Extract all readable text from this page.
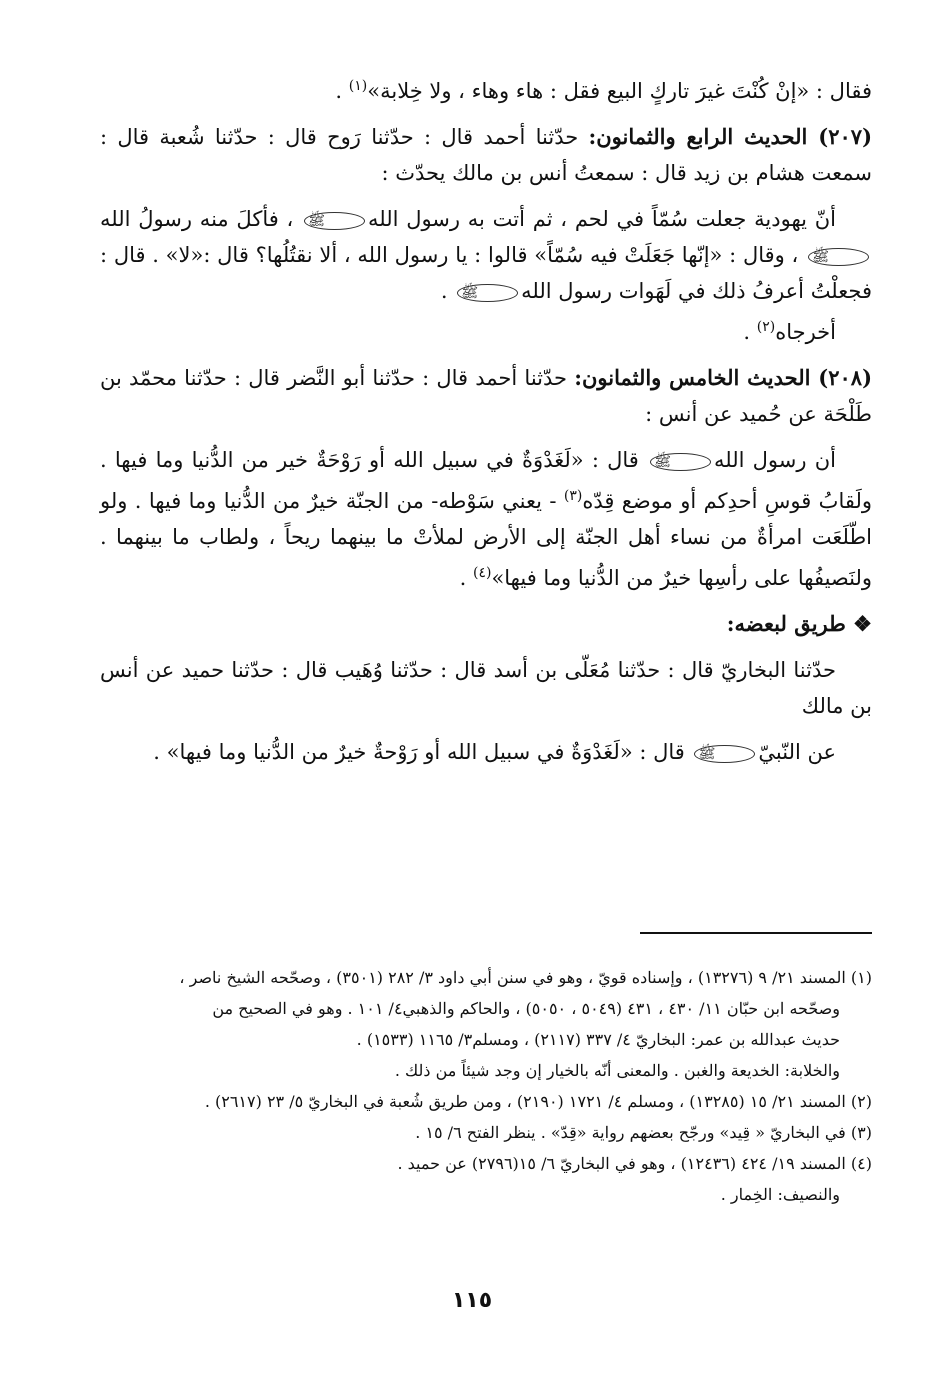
فقال : «إنْ كُنْتَ غيرَ تاركٍ البيع فقل : هاء وهاء ، ولا خِلابة»$^{(١)}$ .

(٢٠٧) الحديث الرابع والثمانون: حدّثنا أحمد قال : حدّثنا رَوح قال : حدّثنا شُعبة قال : سمعت هشام بن زيد قال : سمعتُ أنس بن مالك يحدّث :

أنّ يهودية جعلت سُمّاً في لحم ، ثم أتت به رسول اللهﷺ ، فأكلَ منه رسولُ اللهﷺ ، وقال : «إنّها جَعَلَتْ فيه سُمّاً» قالوا : يا رسول الله ، ألا نقتُلُها؟ قال :«لا» . قال : فجعلْتُ أعرفُ ذلك في لَهَوات رسول اللهﷺ .

أخرجاه$^{(٢)}$ .

(٢٠٨) الحديث الخامس والثمانون: حدّثنا أحمد قال : حدّثنا أبو النَّضر قال : حدّثنا محمّد بن طَلْحَة عن حُميد عن أنس :

أن رسول اللهﷺ قال : «لَغَدْوَةٌ في سبيل الله أو رَوْحَةٌ خير من الدُّنيا وما فيها . ولَقابُ قوسِ أحدِكم أو موضع قِدّه$^{(٣)}$ - يعني سَوْطه- من الجنّة خيرٌ من الدُّنيا وما فيها . ولو اطّلَعَت امرأةٌ من نساء أهل الجنّة إلى الأرض لملأتْ ما بينهما ريحاً ، ولطاب ما بينهما . ولنَصيفُها على رأسِها خيرٌ من الدُّنيا وما فيها»$^{(٤)}$ .

❖ طريق لبعضه:

حدّثنا البخاريّ قال : حدّثنا مُعَلّى بن أسد قال : حدّثنا وُهَيب قال : حدّثنا حميد عن أنس بن مالك

عن النّبيّﷺ قال : «لَغَدْوَةٌ في سبيل الله أو رَوْحةٌ خيرٌ من الدُّنيا وما فيها» .

(١) المسند ٢١/ ٩ (١٣٢٧٦) ، وإسناده قويّ ، وهو في سنن أبي داود ٣/ ٢٨٢ (٣٥٠١) ، وصحّحه الشيخ ناصر ،

وصحّحه ابن حبّان ١١/ ٤٣٠ ، ٤٣١ (٥٠٤٩ ، ٥٠٥٠) ، والحاكم والذهبي٤/ ١٠١ . وهو في الصحيح من

حديث عبدالله بن عمر: البخاريّ ٤/ ٣٣٧ (٢١١٧) ، ومسلم٣/ ١١٦٥ (١٥٣٣) .

والخلابة: الخديعة والغبن . والمعنى أنّه بالخيار إن وجد شيئاً من ذلك .

(٢) المسند ٢١/ ١٥ (١٣٢٨٥) ، ومسلم ٤/ ١٧٢١ (٢١٩٠) ، ومن طريق شُعبة في البخاريّ ٥/ ٢٣ (٢٦١٧) .

(٣) في البخاريّ « قِيد» ورجّح بعضهم رواية «قِدّ» . ينظر الفتح ٦/ ١٥ .

(٤) المسند ١٩/ ٤٢٤ (١٢٤٣٦) ، وهو في البخاريّ ٦/ ١٥(٢٧٩٦) عن حميد .

والنصيف: الخِمار .

١١٥
